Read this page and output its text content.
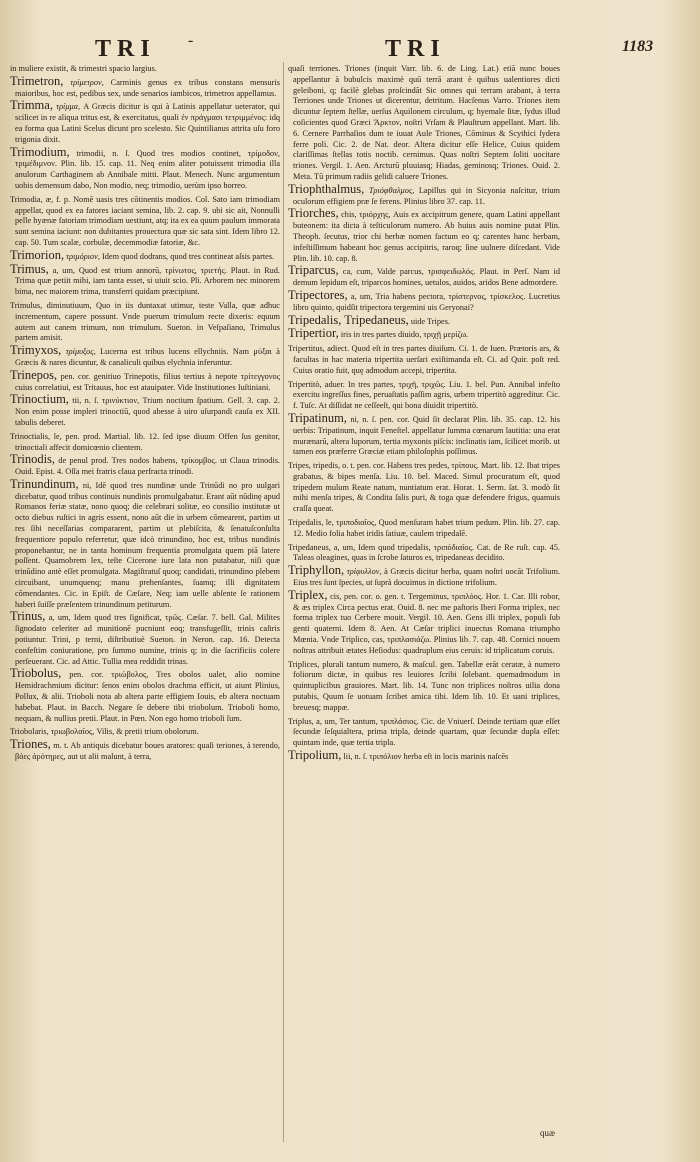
TRI -	TRI	1183

in muliere existit, & trimestri spacio largius.

Trimetron, τρίμετρον, Carminis genus ex tribus constans mensuris maioribus, hoc est, pedibus sex, unde senarios iambicos, trimetros appellamus.

Trimma, τρίμμα, A Græcis dicitur is qui à Latinis appellatur ueterator, qui scilicet in re aliqua tritus est, & exercitatus, quali ἐν πράγμασι τετριμμένος: idq ea forma qua Latini Scelus dicunt pro scelesto. Sic Quintilianus attrita uſu foro trigonia dixit.

Trimodium, trimodii, n. ſ. Quod tres modios continet, τρίμοδον, τριμέδιμνον. Plin. lib. 15. cap. 11. Neq enim aliter potuissent trimodia illa anulorum Carthaginem ab Annibale mitti. Plaut. Menech. Nunc argumentum uobis demensum dabo, Non modio, neq; trimodio, uerùm ipso horreo.

Trimodia, æ, f. p. Nomē uasis tres cōtinentis modios. Col. Sato iam trimodiam appellat, quod ex ea fatores iaciant semina, lib. 2. cap. 9. ubi sic ait, Nonnulli pelle hyænæ fatoriam trimodiam uestiunt, atq; ita ex ea quum paulum immorata sunt semina iaciunt: non dubitantes prouectura quæ sic sata sint. Idem libro 12. cap. 50. Tum scalæ, corbulæ, decemmodiæ fatoriæ, &c.

Trimorion, τριμόριον, Idem quod dodrans, quod tres contineat aſsis partes.

Trimus, a, um, Quod est trium annorū, τρίνωτος, τριετὴς. Plaut. in Rud. Trima quæ petiit mihi, iam tanta esset, si uiuit scio. Pli. Arborem nec minorem bima, nec maiorem trima, transferri quidam præcipiunt.

Trimulus, diminutiuum, Quo in iis duntaxat utimur, teste Valla, quæ adhuc incrementum, capere possunt. Vnde puerum trimulum recte dixeris: equum autem aut canem trimum, non trimulum. Sueton. in Veſpaſiano, Trimulus partem amisit.

Trimyxos, τρίμυξος, Lucerna est tribus lucens ellychniis. Nam μύξαι à Græcis & nares dicuntur, & canaliculi quibus elychnia inferuntur.

Trinepos, pen. cor. genitiuo Trinepotis, filius tertius à nepote τρίτεγγονος cuius correlatiui, est Tritauus, hoc est atauipater. Vide Institutiones Iuſtiniani.

Trinoctium, tii, n. ſ. τρινύκτιον, Trium noctium ſpatium. Gell. 3. cap. 2. Non enim posse impleri trinoctiū, quod abesse à uiro uſurpandi cauſa ex XII. tabulis deberet.

Trinoctialis, le, pen. prod. Martial. lib. 12. ſed ipse diuum Offen ſus genitor, trinoctiali affecit domicœnio clientem.

Trinodis, de penul prod. Tres nodos habens, τρίκομβος. ut Claua trinodis. Ouid. Epist. 4. Oſſa mei fratris claua perfracta trinodi.

Trinundinum, ni, Idē quod tres nundinæ unde Trinūdi no pro uulgari dicebatur, quod tribus continuis nundinis promulgabatur. Erant aūt nūdinę apud Romanos feriæ statæ, nono quoq; die celebrari solitæ, eo consilio institutæ ut octo diebus ruſtici in agris essent, nono aūt die in urbem cōmearent, partim ut res ſibi neceſſarias compararent, partim ut plebiſcita, & ſenatuſconſulta frequentiore populo referretur, quæ idcò trinundino, hoc est, tribus nundinis proponebantur, ne in tanta hominum frequentia promulgata quem piā latere poſſent. Quamobrem lex, teſte Cicerone iure lata non putabatur, niſi quæ trinūdino antè eſſet promulgata. Magiſtratuſ quoq; candidati, trinundino plebem circuibant, unumquenq; manu prehenſantes, ſuamq; illi dignitatem cōmendantes. Cic. in Epiſt. de Cæſare, Neq; iam uelle abſente ſe rationem haberi ſuiſſe præſentem trinundinum petiturum.

Trinus, a, um, Idem quod tres ſignificat, τρῶς. Cæſar. 7. bell. Gal. Milites ſignodato celeriter ad munitionē pucniunt eoq; transfugeſſit, trinis caſtris potiuntur. Trini, p terni, diſtributiuè Sueton. in Neron. cap. 16. Detecta confeſtim coniuratione, pro ſummo numine, trinis q; in die ſacrificiis colere perſeuerant. Cic. ad Attic. Tullia mea reddidit trinas.

Triobolus, pen. cor. τριώβολος, Tres obolos ualet, alio nomine Hemidrachmium dicitur: ſenos enim obolos drachma efficit, ut aiunt Plinius, Pollux, & alii. Trioboli nota ab altera parte effigiem Iouis, eb altera noctuam habebat. Plaut. in Bacch. Negare ſe debere tibi triobolum. Trioboli homo, nequam, & nullius pretii. Plaut. in Pœn. Non ego homo trioboli ſum.

Triobolaris, τριωβολαῖος, Vilis, & pretii trium obolorum.

Triones, m. t. Ab antiquis dicebatur boues aratores: quaſi teriones, à terendo, βόες ἀρότηρες, aut ut alii malunt, à terra,

quaſi terriones. Triones (inquit Varr. lib. 6. de Ling. Lat.) etiā nunc boues appellantur à bubulcis maximè quū terrā arant è quibus ualentiores dicti geleiboni, q; facilè glebas proſcindāt Sic omnes qui terram arabant, à terra Terriones unde Triones ut dicerentur, detritum. Hacſenus Varro. Triones item dicuntur ſeptem ſtellæ, uerſus Aquilonem circulum, q; hyemale ſitæ, ſydus illud coſicientes quod Græci Ἄρκτον, noſtri Vrſam & Plauſtrum appellant. Mart. lib. 6. Cernere Parrhaſios dum te iuuat Aule Triones, Cōminus & Scythici ſydera ferre poli. Cic. 2. de Nat. deor. Altera dicitur eſſe Helice, Cuius quidem clariſſimas ſtellas totis noctib. cernimus. Quas noſtri Septem ſoliti uocitare triones. Vergil. 1. Aen. Arcturū pluuiasq; Hiadas, geminosq; Triones. Ouid. 2. Meta. Tū primum radiis gelidi caluere Triones.

Triophthalmus, Τριόφθαλμος, Lapillus qui in Sicyonia naſcitur, trium oculorum effigiem præ ſe ferens. Plinius libro 37. cap. 11.

Triorches, chis, τριόρχης, Auis ex accipitrum genere, quam Latini appellant buteonem: ita dicta à teſticulorum numero. Ab huius auis nomine putat Plin. Theoph. ſecutus, trior chi herbæ nomen factum eo q; carentes hanc herbam, infeſtiſſimum habeant hoc genus accipitris, raroq; ſine uulnere diſcedant. Vide Plin. lib. 10. cap. 8.

Triparcus, ca, cum, Valde parcus, τρισφειδωλός. Plaut. in Perſ. Nam id demum lepidum eſt, triparcos homines, uetulos, auidos, aridos Bene admordere.

Tripectores, a, um, Tria habens pectora, τρίστερνος, τρίσκελος. Lucretius libro quinto, quidſit tripectora tergemini uis Geryonai?

Tripedalis, Tripedaneus, uide Tripes.

Tripertior, iris in tres partes diuido, τριχῇ μερίζω.

Tripertitus, adiect. Quod eſt in tres partes diuiſum. Ci. 1. de Iuen. Prætoris ars, & facultas in hac materia tripertita uerſari exiſtimanda eſt. Ci. ad Quir. poſt red. Cuius oratio fuit, quę admodum accepi, tripertita.

Tripertitò, aduer. In tres partes, τριχῆ, τριχῶς. Liu. 1. bel. Pun. Annibal infeſto exercitu ingreſſus fines, peruaſtatis paſſim agris, urbem tripertitò aggreditur. Cic. f. Tuſc. At diſſidat ne ceſſeeſt, qui bona diuidit tripertitò.

Tripatinum, ni, n. ſ. pen. cor. Quid ſit declarat Plin. lib. 35. cap. 12. his uerbis: Tripatinum, inquit Feneſtel. appellatur ſumma cœnarum lautitia: una erat murænarū, altera luporum, tertia myxonis piſcis: inclinatis iam, ſcilicet morib. ut tamen eos præferre Græciæ etiam philoſophis poſſimus.

Tripes, tripedis, o. t. pen. cor. Habens tres pedes, τρίπους. Mart. lib. 12. Ibat tripes grabatus, & bipes menſa. Liu. 10. bel. Maced. Simul procuratum eſt, quod tripedem mulum Reate natum, nuntiatum erat. Horat. 1. Serm. ſat. 3. modò ſit mihi menſa tripes, & Condita ſalis puri, & toga quæ defendere frigus, quamuis craſſa queat.

Tripedalis, le, τριποδιαῖος, Quod menſuram habet trium pedum. Plin. lib. 27. cap. 12. Medio folia habet iridis ſatiuæ, caulem tripedalē.

Tripedaneus, a, um, Idem quod tripedalis, τριπόδιαῖος. Cat. de Re ruſt. cap. 45. Taleas oleagines, quas in ſcrobe ſaturos es, tripedaneas decidito.

Triphyllon, τρίφυλλον, à Græcis dicitur herba, quam noſtri uocāt Trifolium. Eius tres ſunt ſpecies, ut ſuprà docuimus in dictione trifolium.

Triplex, cis, pen. cor. o. gen. t. Tergeminus, τριπλόος. Hor. 1. Car. Illi robor, & æs triplex Circa pectus erat. Ouid. 8. nec me paſtoris Iberi Forma triplex, nec forma triplex tuo Cerbere mouit. Vergil. 10. Aen. Gens illi triplex, populi ſub genti quaterni. Idem 8. Aen. At Cæſar triplici inuectus Romana triumpho Mœnia. Vnde Triplico, cas, τριπλασιάζω. Plinius lib. 7. cap. 48. Cornici nouem noſtras attribuit ætates Heſiodus: quadruplum eius ceruis: id triplicatum coruis.

Triplices, plurali tantum numero, & maſcul. gen. Tabellæ erāt ceratæ, à numero foliorum dictæ, in quibus res leuiores ſcribi ſolebant. quemadmodum in quintuplicibus grauiores. Mart. lib. 14. Tunc non triplices noſtros uilia dona putabis, Quum ſe uotuam ſcribet amica tibi. Idem lib. 10. Et uani triplices, breuesq; mappæ.

Triplus, a, um, Ter tantum, τριπλάσιος. Cic. de Vniuerſ. Deinde tertiam quæ eſſet ſecundæ ſeſquialtera, prima tripla, deinde quartam, quæ ſecundæ dupla eſſet: quintam inde, quæ tertia tripla.

Tripolium, lii, n. ſ. τριπόλιον herba eſt in locis marinis naſcēs

quæ
